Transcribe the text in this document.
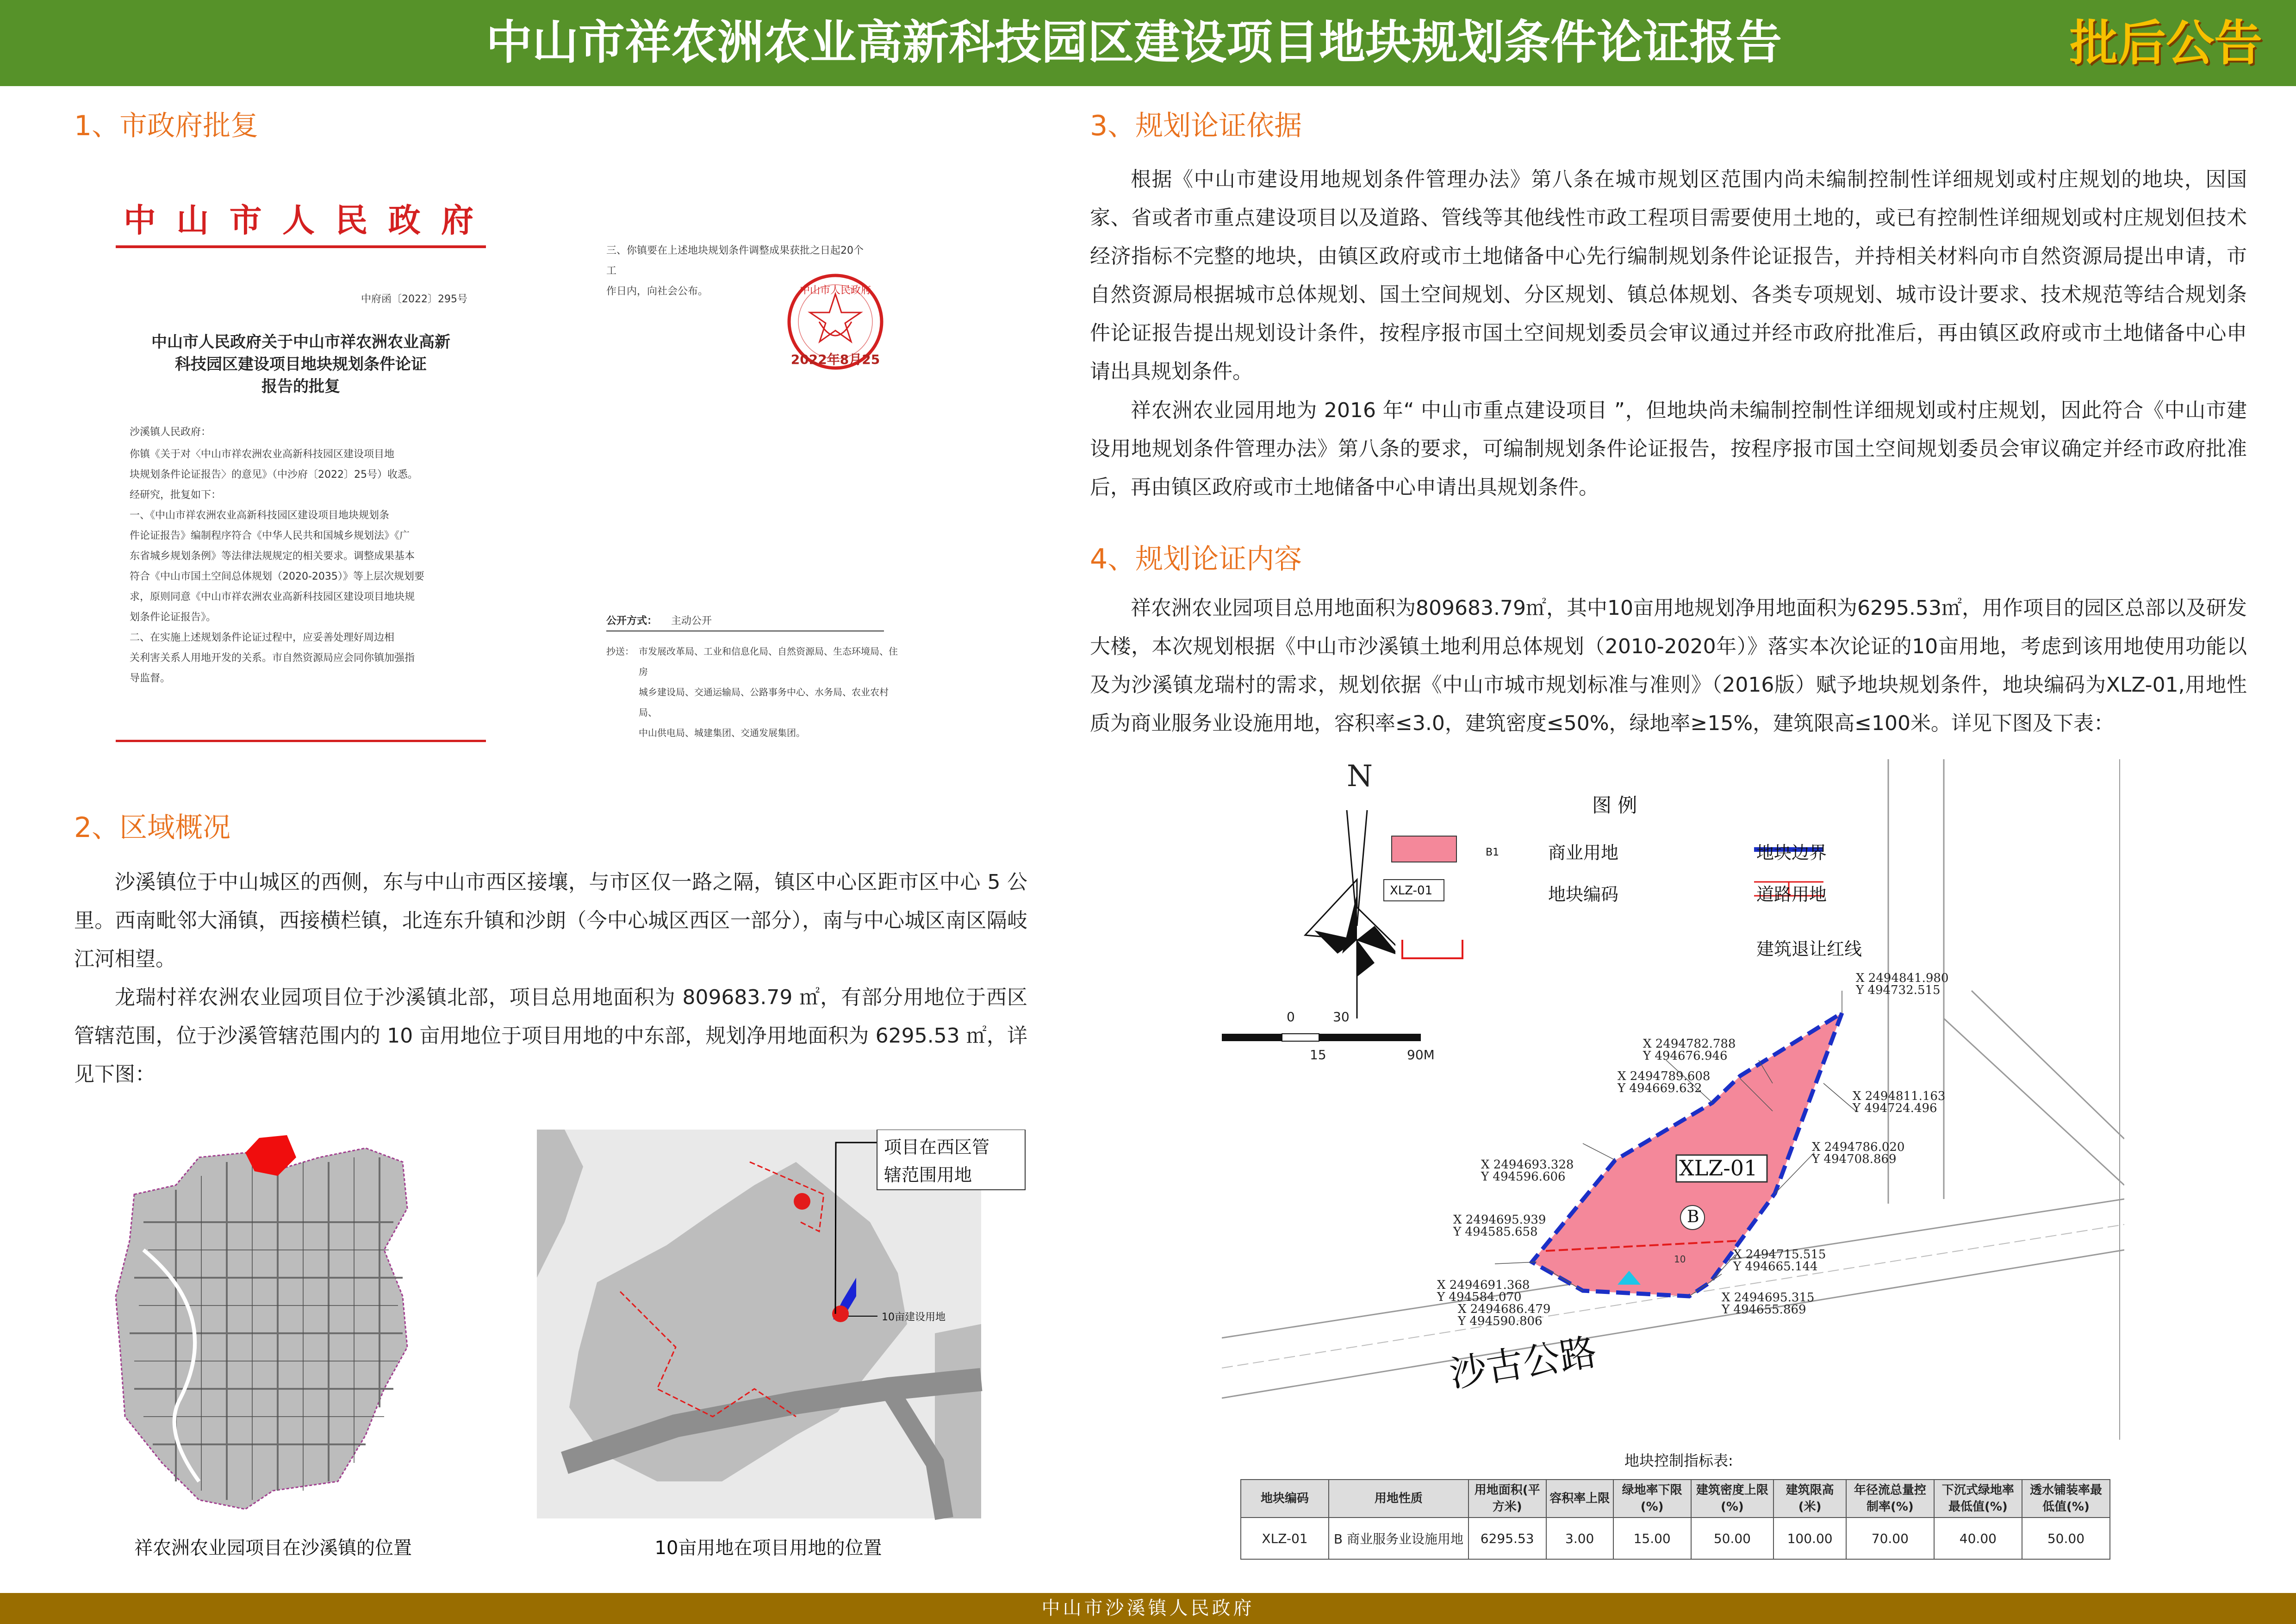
中山市祥农洲农业高新科技园区建设项目地块规划条件论证报告	批后公告
1、市政府批复
中 山 市 人 民 政 府
中府函〔2022〕295号
中山市人民政府关于中山市祥农洲农业高新
科技园区建设项目地块规划条件论证
报告的批复
沙溪镇人民政府：
你镇《关于对〈中山市祥农洲农业高新科技园区建设项目地
块规划条件论证报告〉的意见》（中沙府〔2022〕25号）收悉。
经研究，批复如下：
一、《中山市祥农洲农业高新科技园区建设项目地块规划条
件论证报告》编制程序符合《中华人民共和国城乡规划法》《广
东省城乡规划条例》等法律法规规定的相关要求。调整成果基本
符合《中山市国土空间总体规划（2020-2035）》等上层次规划要
求，原则同意《中山市祥农洲农业高新科技园区建设项目地块规
划条件论证报告》。
二、在实施上述规划条件论证过程中，应妥善处理好周边相
关利害关系人用地开发的关系。市自然资源局应会同你镇加强指
导监督。
三、你镇要在上述地块规划条件调整成果获批之日起20个工
作日内，向社会公布。	中山市人民政府
2022年8月25
公开方式： 主动公开
抄送： 市发展改革局、工业和信息化局、自然资源局、生态环境局、住房
城乡建设局、交通运输局、公路事务中心、水务局、农业农村局、
中山供电局、城建集团、交通发展集团。
2、区域概况
沙溪镇位于中山城区的西侧，东与中山市西区接壤，与市区仅一路之隔，镇区中心区距市区中心 5 公里。西南毗邻大涌镇，西接横栏镇，北连东升镇和沙朗（今中心城区西区一部分），南与中心城区南区隔岐江河相望。
龙瑞村祥农洲农业园项目位于沙溪镇北部，项目总用地面积为 809683.79 ㎡，有部分用地位于西区管辖范围，位于沙溪管辖范围内的 10 亩用地位于项目用地的中东部，规划净用地面积为 6295.53 ㎡，详见下图：
祥农洲农业园项目在沙溪镇的位置
项目在西区管
辖范围用地
10亩建设用地
10亩用地在项目用地的位置
3、规划论证依据
根据《中山市建设用地规划条件管理办法》第八条在城市规划区范围内尚未编制控制性详细规划或村庄规划的地块，因国家、省或者市重点建设项目以及道路、管线等其他线性市政工程项目需要使用土地的，或已有控制性详细规划或村庄规划但技术经济指标不完整的地块，由镇区政府或市土地储备中心先行编制规划条件论证报告，并持相关材料向市自然资源局提出申请，市自然资源局根据城市总体规划、国土空间规划、分区规划、镇总体规划、各类专项规划、城市设计要求、技术规范等结合规划条件论证报告提出规划设计条件，按程序报市国土空间规划委员会审议通过并经市政府批准后，再由镇区政府或市土地储备中心申请出具规划条件。
祥农洲农业园用地为 2016 年“ 中山市重点建设项目 ”，但地块尚未编制控制性详细规划或村庄规划，因此符合《中山市建设用地规划条件管理办法》第八条的要求，可编制规划条件论证报告，按程序报市国土空间规划委员会审议确定并经市政府批准后，再由镇区政府或市土地储备中心申请出具规划条件。
4、规划论证内容
祥农洲农业园项目总用地面积为809683.79㎡，其中10亩用地规划净用地面积为6295.53㎡，用作项目的园区总部以及研发大楼，本次规划根据《中山市沙溪镇土地利用总体规划（2010-2020年）》落实本次论证的10亩用地，考虑到该用地使用功能以及为沙溪镇龙瑞村的需求，规划依据《中山市城市规划标准与准则》（2016版）赋予地块规划条件，地块编码为XLZ-01,用地性质为商业服务业设施用地，容积率≤3.0，建筑密度≤50%，绿地率≥15%，建筑限高≤100米。详见下图及下表：
N
图 例
B1	商业用地	地块边界
XLZ-01	地块编码	道路用地
建筑退让红线
0	30
15	90M
XLZ-01
B
10
沙古公路
X 2494841.980
Y 494732.515
X 2494782.788
Y 494676.946
X 2494789.608
Y 494669.632
X 2494811.163
Y 494724.496
X 2494786.020
Y 494708.869
X 2494693.328
Y 494596.606
X 2494695.939
Y 494585.658
X 2494715.515
Y 494665.144
X 2494691.368
Y 494584.070
X 2494686.479
Y 494590.806
X 2494695.315
Y 494655.869
地块控制指标表:
地块编码	用地性质	用地面积(平方米)	容积率上限	绿地率下限(%)	建筑密度上限(%)	建筑限高(米)	年径流总量控制率(%)	下沉式绿地率最低值(%)	透水铺装率最低值(%)
XLZ-01	B 商业服务业设施用地	6295.53	3.00	15.00	50.00	100.00	70.00	40.00	50.00
中山市沙溪镇人民政府
